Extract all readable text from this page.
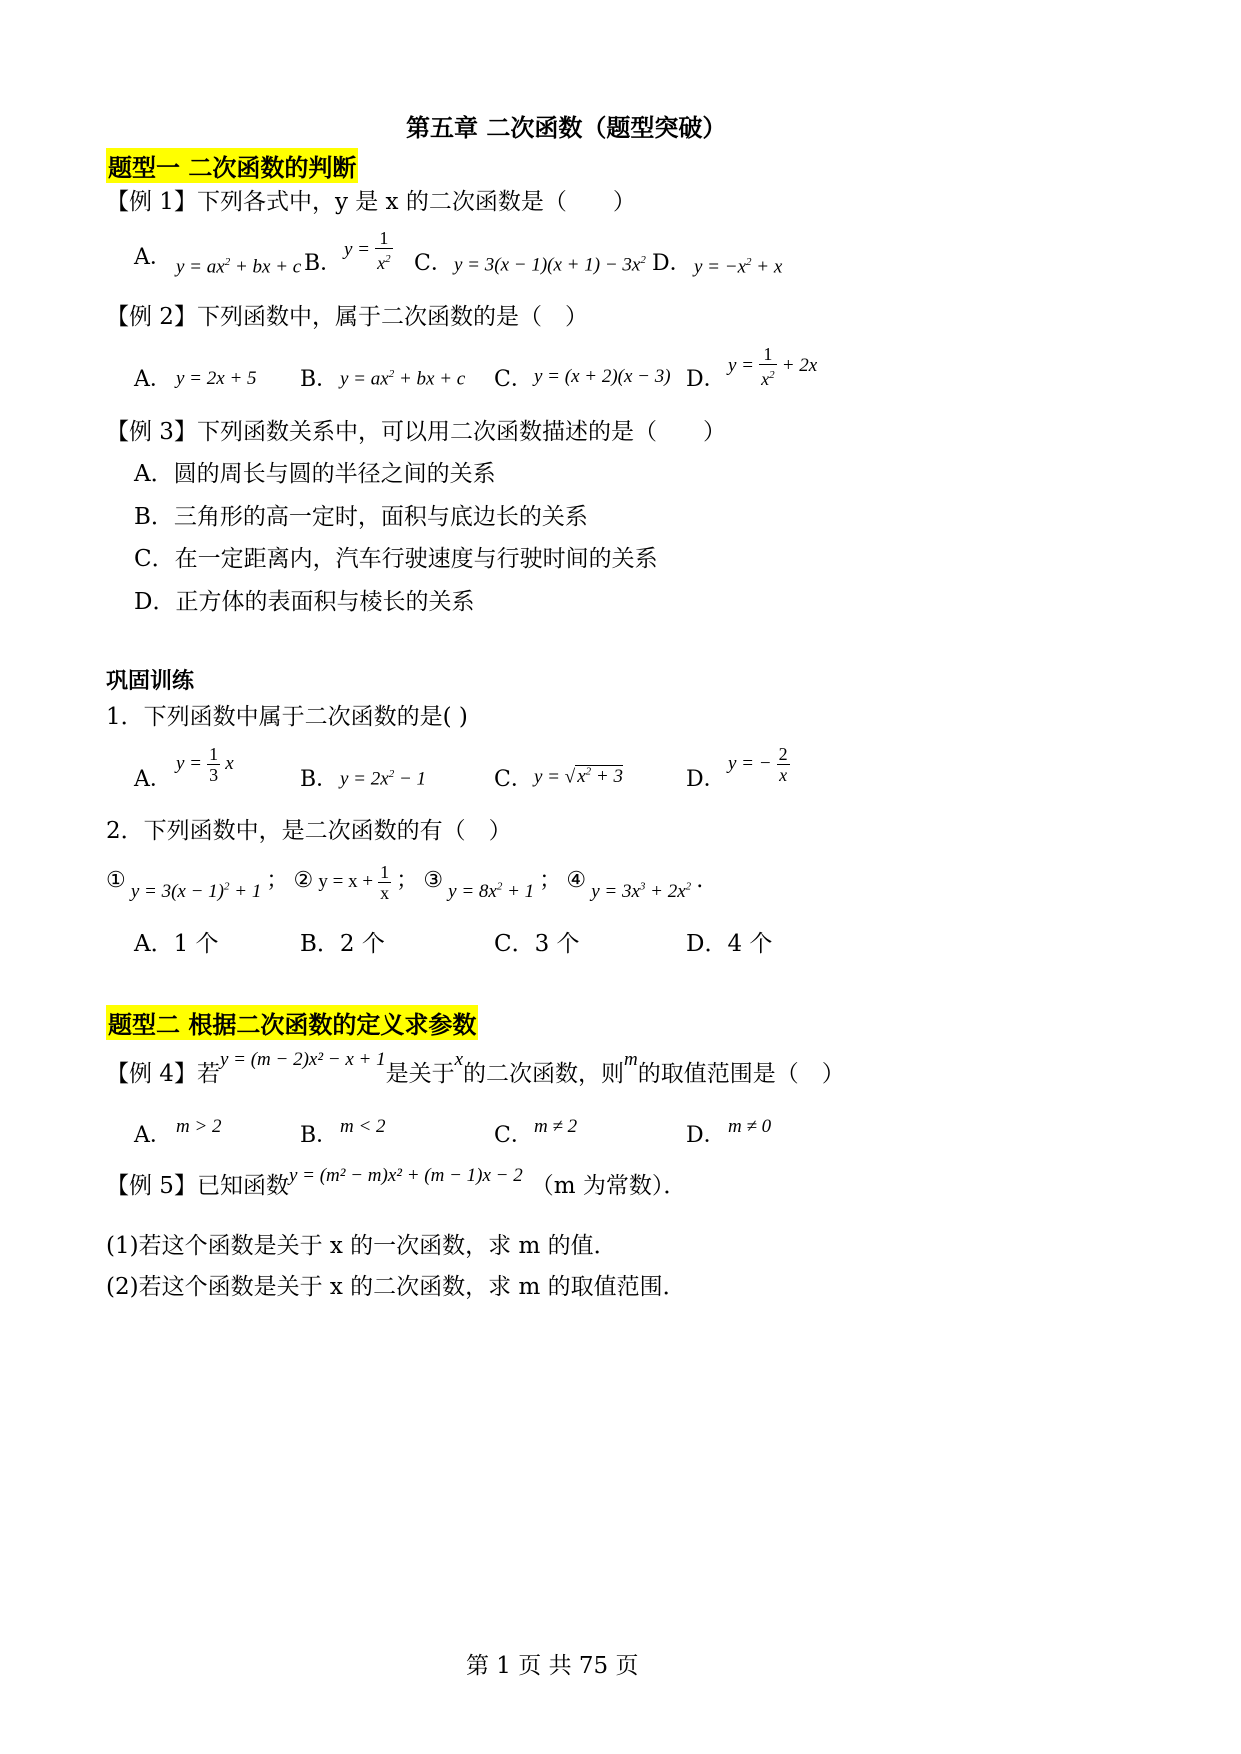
第五章 二次函数（题型突破）
题型一 二次函数的判断
【例 1】下列各式中，y 是 x 的二次函数是（　　）
A． $y = ax^2$ + bx + c B．
$y = \frac{1}{x^2}$ C． $y = 3(x - 1)(x + 1) - 3x^2$ D． $y = -x^2 + x$
【例 2】下列函数中，属于二次函数的是（　）
A． y = 2x + 5 B． $y = ax^2$ + bx + c C． y = (x + 2)(x − 3) D．
$y = \frac{1}{x^2} + 2x$
【例 3】下列函数关系中，可以用二次函数描述的是（　　）
A．圆的周长与圆的半径之间的关系
B．三角形的高一定时，面积与底边长的关系
C．在一定距离内，汽车行驶速度与行驶时间的关系
D．正方体的表面积与棱长的关系
巩固训练
1．下列函数中属于二次函数的是( )
A．
$y = \frac{1}{3}$ x
B． $y = 2x^2 - 1$	C． y = √ $x^2 + 3$	D．
y = − $\frac{2}{x}$
2．下列函数中，是二次函数的有（　）
① $y = 3(x - 1)^2 + 1$ ； ② $y = x + \frac{1}{x}$ ； ③ $y = 8x^2 + 1$ ； ④ $y = 3x^3 + 2x^2$ .
A．1 个	B．2 个	C．3 个	D．4 个
题型二 根据二次函数的定义求参数
【例 4】若y = (m − 2)x² − x + 1是关于x的二次函数，则m的取值范围是（　）
A． m > 2	B． m < 2	C． m ≠ 2	D． m ≠ 0
【例 5】已知函数y = (m² − m)x² + (m − 1)x − 2 （m 为常数）．
(1)若这个函数是关于 x 的一次函数，求 m 的值．
(2)若这个函数是关于 x 的二次函数，求 m 的取值范围．
第 1 页 共 75 页
